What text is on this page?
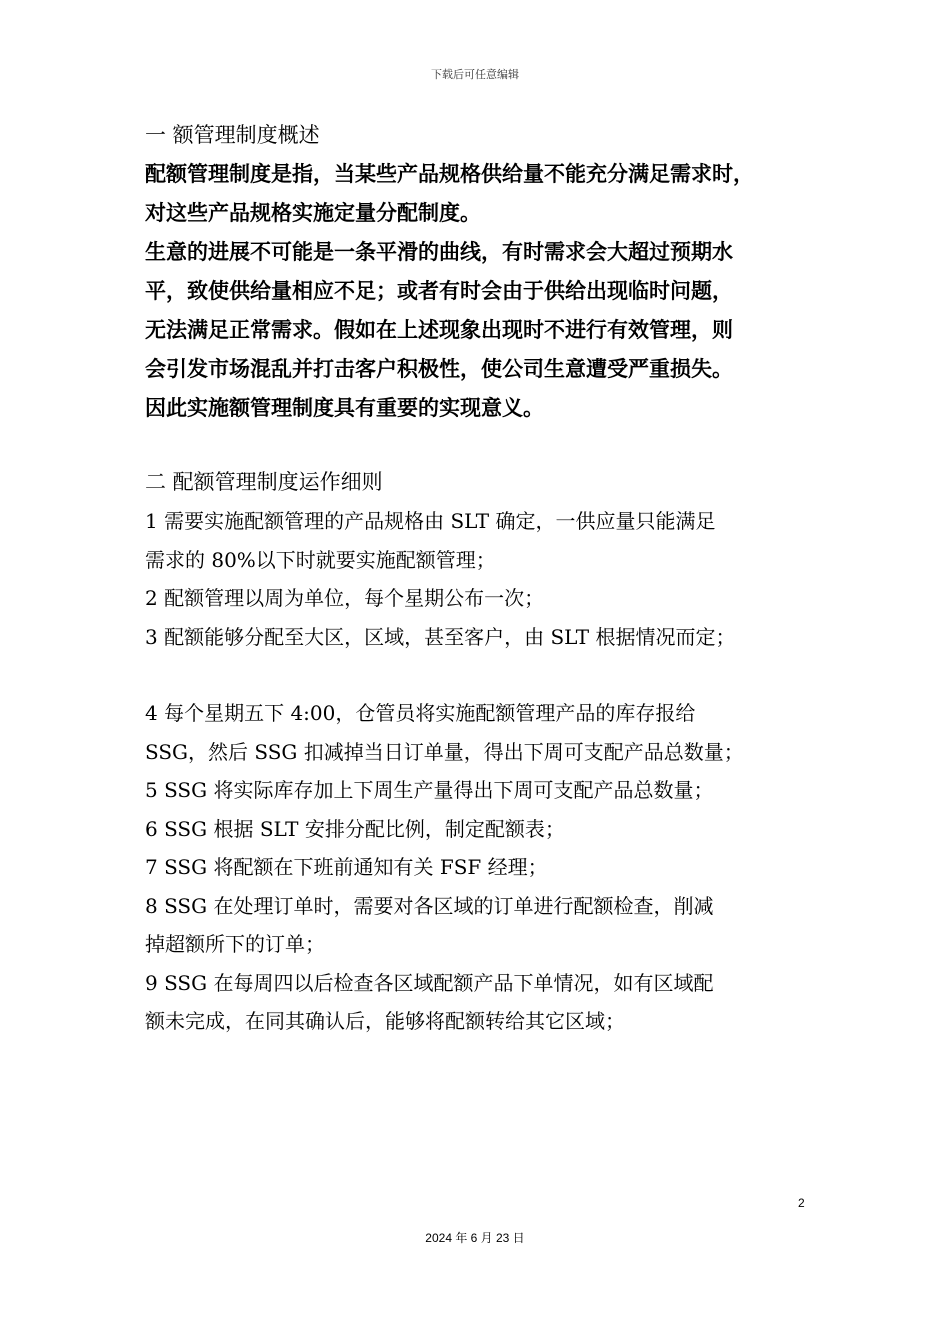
下载后可任意编辑

一 额管理制度概述

配额管理制度是指，当某些产品规格供给量不能充分满足需求时，

对这些产品规格实施定量分配制度。

生意的进展不可能是一条平滑的曲线，有时需求会大超过预期水

平，致使供给量相应不足；或者有时会由于供给出现临时问题，

无法满足正常需求。假如在上述现象出现时不进行有效管理，则

会引发市场混乱并打击客户积极性，使公司生意遭受严重损失。

因此实施额管理制度具有重要的实现意义。

二 配额管理制度运作细则

1 需要实施配额管理的产品规格由 SLT 确定，一供应量只能满足

需求的 80%以下时就要实施配额管理；

2 配额管理以周为单位，每个星期公布一次；

3 配额能够分配至大区，区域，甚至客户，由 SLT 根据情况而定；

4 每个星期五下 4:00，仓管员将实施配额管理产品的库存报给

SSG，然后 SSG 扣减掉当日订单量，得出下周可支配产品总数量；

5 SSG 将实际库存加上下周生产量得出下周可支配产品总数量；

6 SSG 根据 SLT 安排分配比例，制定配额表；

7 SSG 将配额在下班前通知有关 FSF 经理；

8 SSG 在处理订单时，需要对各区域的订单进行配额检查，削减

掉超额所下的订单；

9 SSG 在每周四以后检查各区域配额产品下单情况，如有区域配

额未完成，在同其确认后，能够将配额转给其它区域；

2
2024 年 6 月 23 日
